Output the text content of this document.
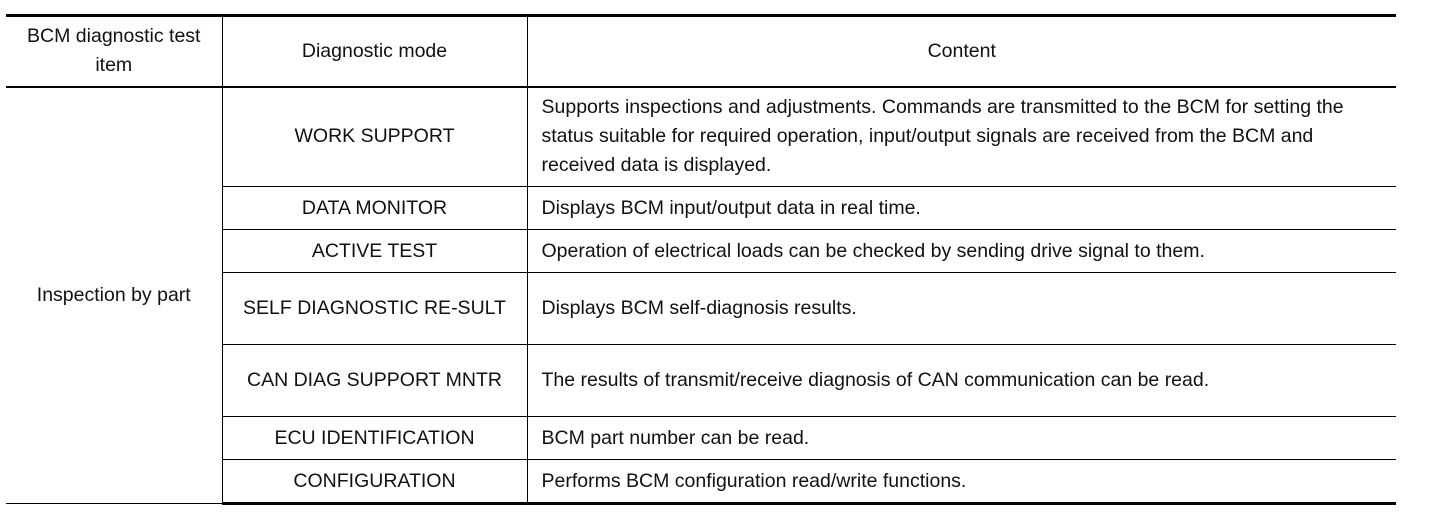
BCM diagnostic test item	Diagnostic mode	Content
Inspection by part	WORK SUPPORT	Supports inspections and adjustments. Commands are transmitted to the BCM for setting the status suitable for required operation, input/output signals are received from the BCM and received data is displayed.
	DATA MONITOR	Displays BCM input/output data in real time.
	ACTIVE TEST	Operation of electrical loads can be checked by sending drive signal to them.
	SELF DIAGNOSTIC RE-SULT	Displays BCM self-diagnosis results.
	CAN DIAG SUPPORT MNTR	The results of transmit/receive diagnosis of CAN communication can be read.
	ECU IDENTIFICATION	BCM part number can be read.
	CONFIGURATION	Performs BCM configuration read/write functions.
